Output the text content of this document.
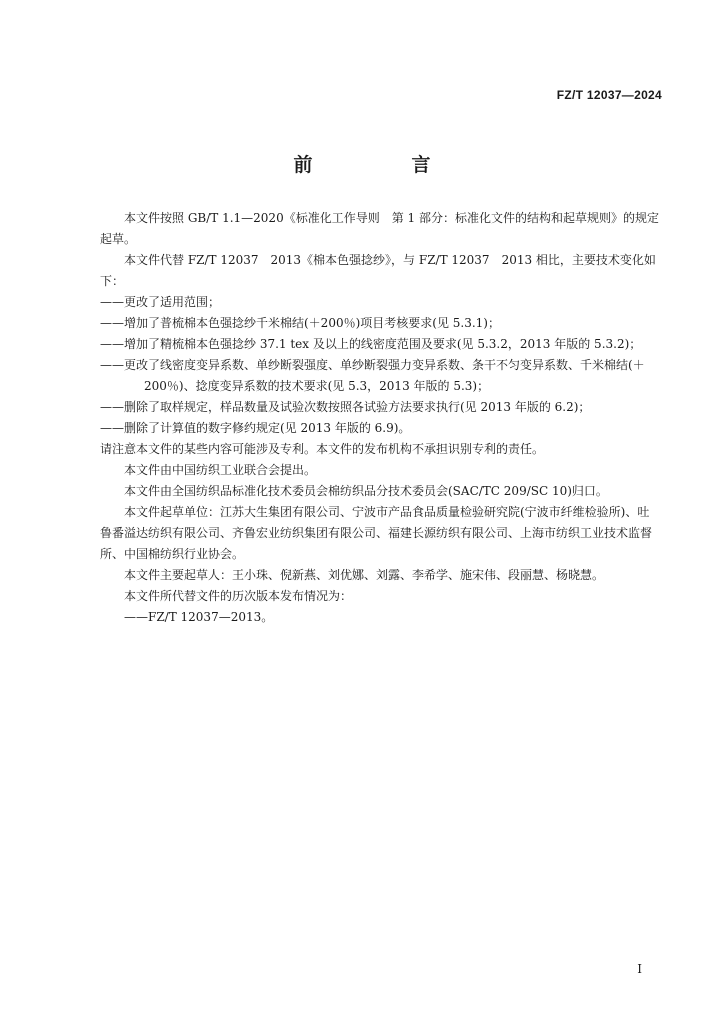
FZ/T 12037—2024
前　言

本文件按照 GB/T 1.1—2020《标准化工作导则　第 1 部分：标准化文件的结构和起草规则》的规定起草。

本文件代替 FZ/T 12037　2013《棉本色强捻纱》，与 FZ/T 12037　2013 相比，主要技术变化如下：

——更改了适用范围；

——增加了普梳棉本色强捻纱千米棉结(＋200％)项目考核要求(见 5.3.1)；

——增加了精梳棉本色强捻纱 37.1 tex 及以上的线密度范围及要求(见 5.3.2，2013 年版的 5.3.2)；

——更改了线密度变异系数、单纱断裂强度、单纱断裂强力变异系数、条干不匀变异系数、千米棉结(＋200％)、捻度变异系数的技术要求(见 5.3，2013 年版的 5.3)；

——删除了取样规定，样品数量及试验次数按照各试验方法要求执行(见 2013 年版的 6.2)；

——删除了计算值的数字修约规定(见 2013 年版的 6.9)。

请注意本文件的某些内容可能涉及专利。本文件的发布机构不承担识别专利的责任。

本文件由中国纺织工业联合会提出。

本文件由全国纺织品标准化技术委员会棉纺织品分技术委员会(SAC/TC 209/SC 10)归口。

本文件起草单位：江苏大生集团有限公司、宁波市产品食品质量检验研究院(宁波市纤维检验所)、吐鲁番溢达纺织有限公司、齐鲁宏业纺织集团有限公司、福建长源纺织有限公司、上海市纺织工业技术监督所、中国棉纺织行业协会。

本文件主要起草人：王小珠、倪新燕、刘优娜、刘露、李希学、施宋伟、段丽慧、杨晓慧。

本文件所代替文件的历次版本发布情况为：

——FZ/T 12037—2013。

I
